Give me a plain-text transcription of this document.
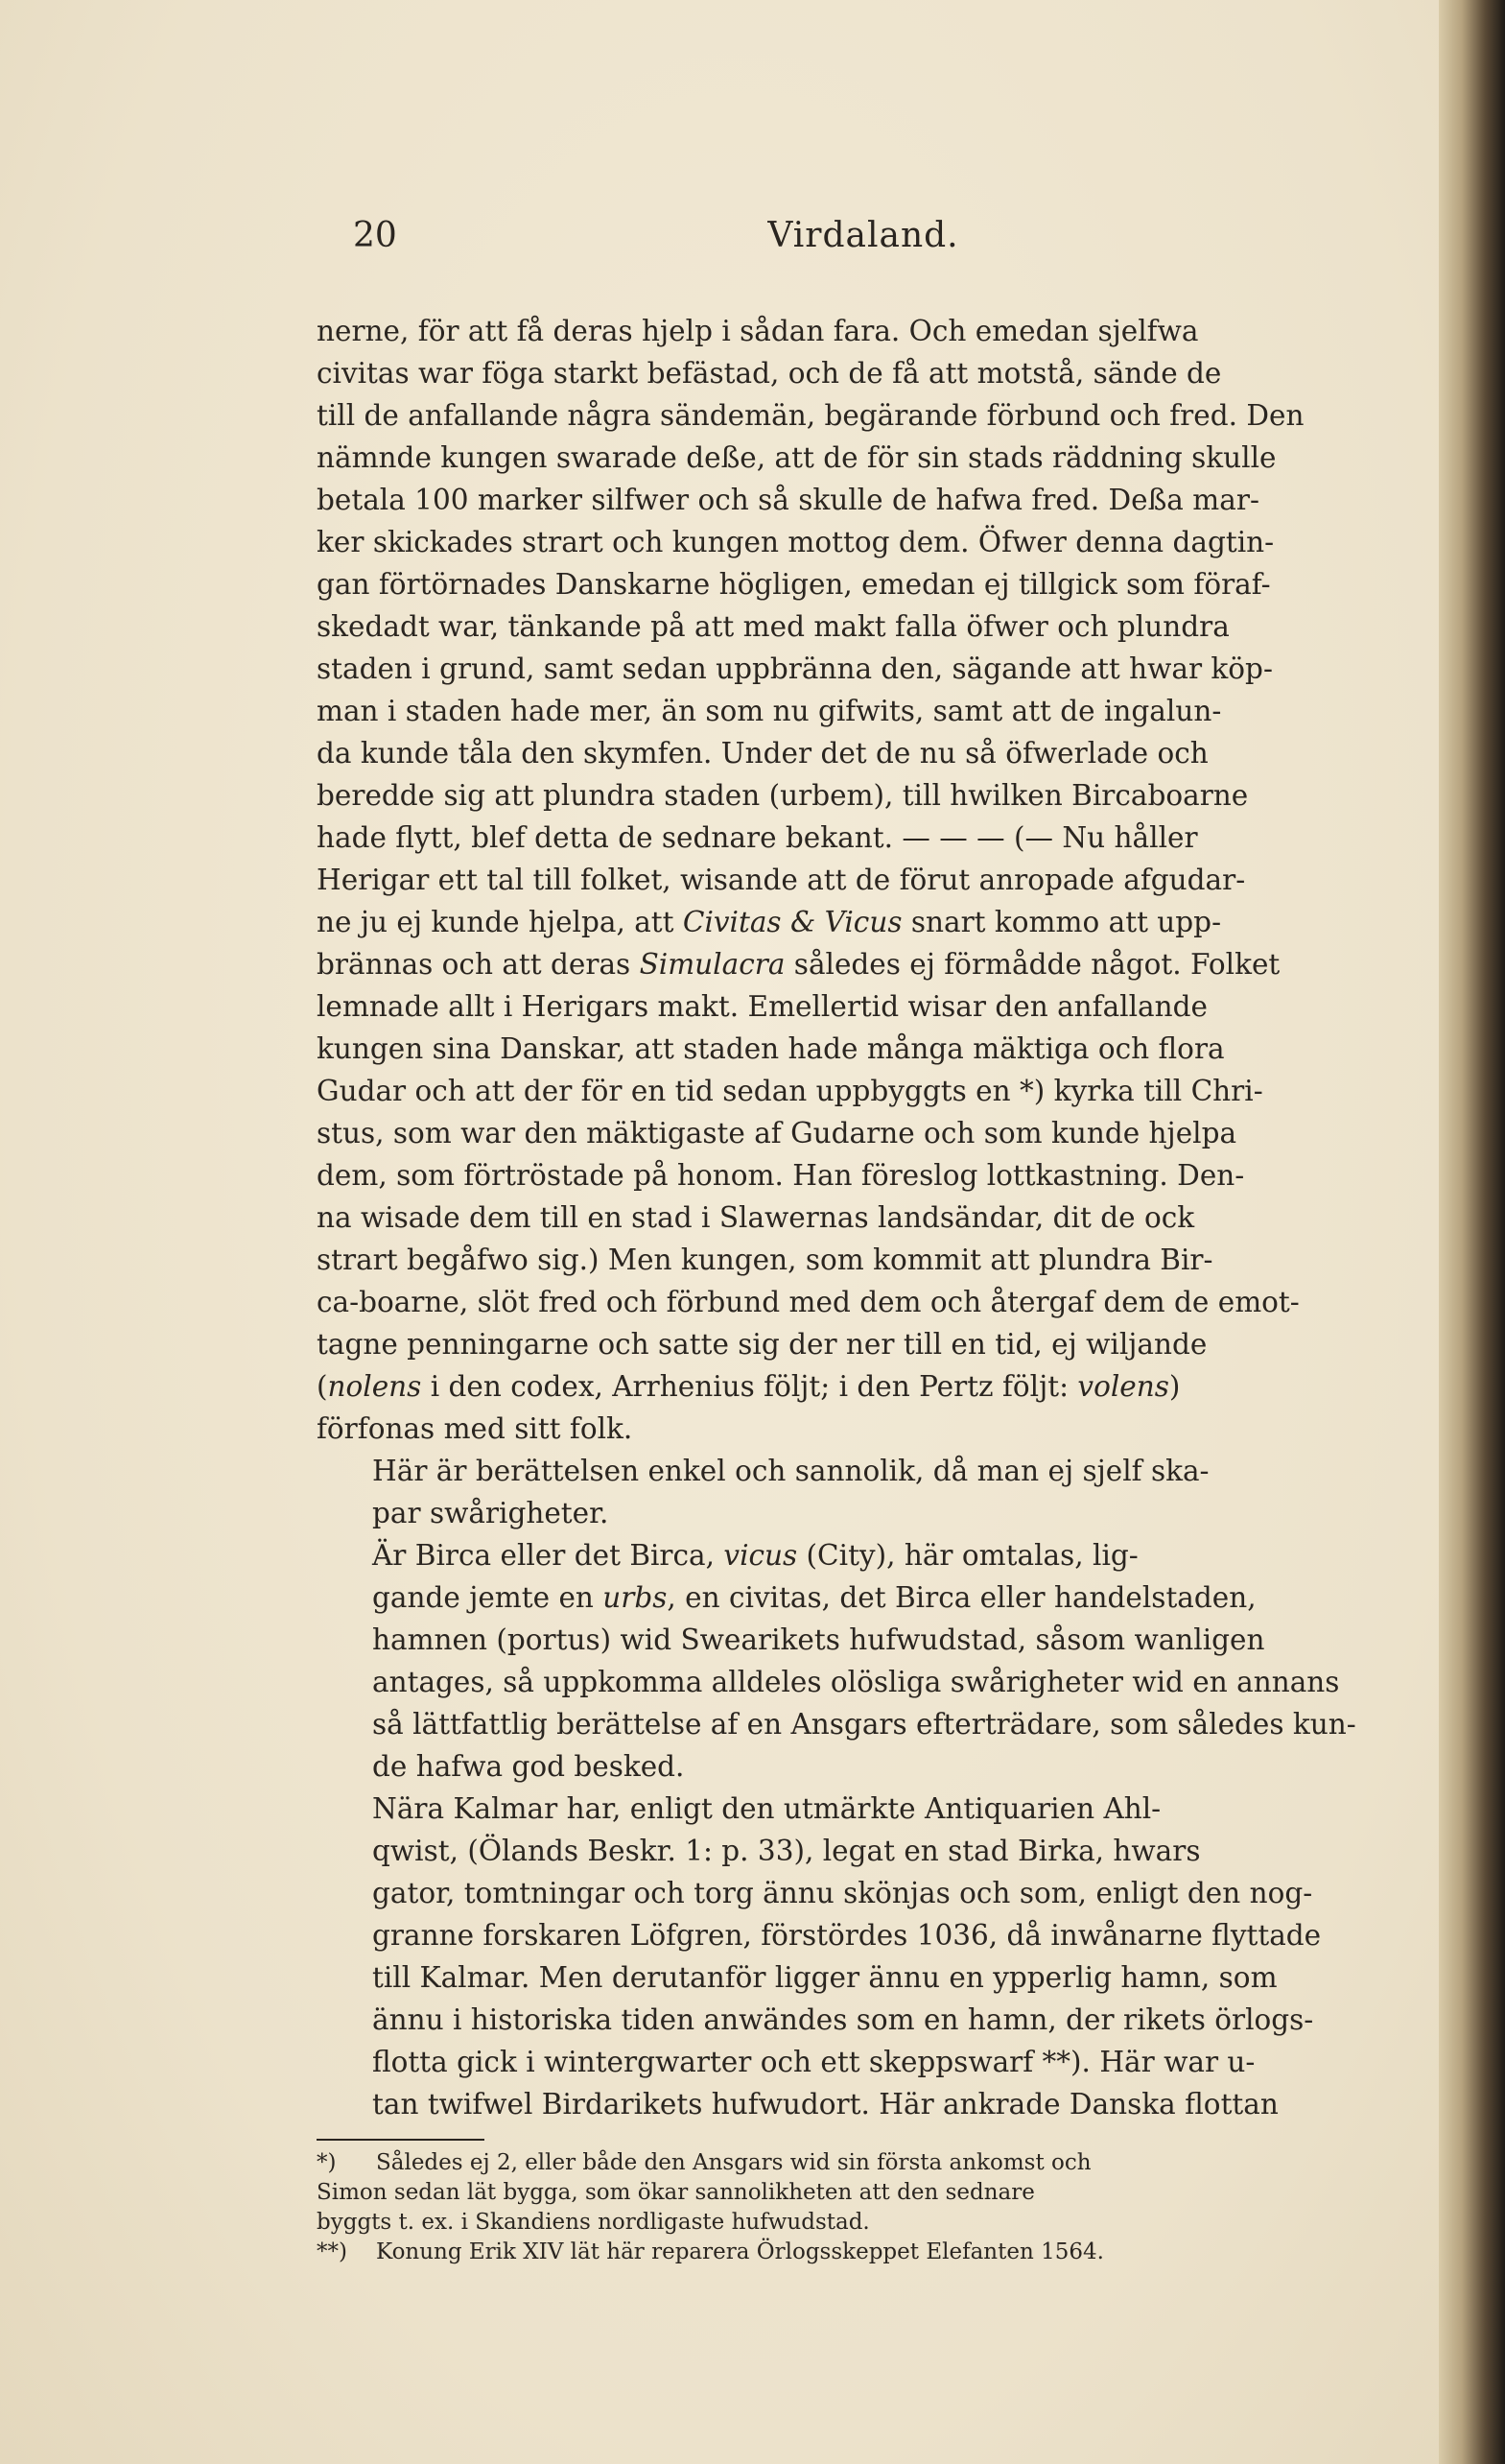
20	Virdaland.

nerne, för att få deras hjelp i sådan fara. Och emedan sjelfwa
civitas war föga starkt befästad, och de få att motstå, sände de
till de anfallande några sändemän, begärande förbund och fred. Den
nämnde kungen swarade deße, att de för sin stads räddning skulle
betala 100 marker silfwer och så skulle de hafwa fred. Deßa mar-
ker skickades strart och kungen mottog dem. Öfwer denna dagtin-
gan förtörnades Danskarne högligen, emedan ej tillgick som föraf-
skedadt war, tänkande på att med makt falla öfwer och plundra
staden i grund, samt sedan uppbränna den, sägande att hwar köp-
man i staden hade mer, än som nu gifwits, samt att de ingalun-
da kunde tåla den skymfen. Under det de nu så öfwerlade och
beredde sig att plundra staden (urbem), till hwilken Bircaboarne
hade flytt, blef detta de sednare bekant. — — — (— Nu håller
Herigar ett tal till folket, wisande att de förut anropade afgudar-
ne ju ej kunde hjelpa, att Civitas & Vicus snart kommo att upp-
brännas och att deras Simulacra således ej förmådde något. Folket
lemnade allt i Herigars makt. Emellertid wisar den anfallande
kungen sina Danskar, att staden hade många mäktiga och flora
Gudar och att der för en tid sedan uppbyggts en *) kyrka till Chri-
stus, som war den mäktigaste af Gudarne och som kunde hjelpa
dem, som förtröstade på honom. Han föreslog lottkastning. Den-
na wisade dem till en stad i Slawernas landsändar, dit de ock
strart begåfwo sig.) Men kungen, som kommit att plundra Bir-
ca-boarne, slöt fred och förbund med dem och återgaf dem de emot-
tagne penningarne och satte sig der ner till en tid, ej wiljande
(nolens i den codex, Arrhenius följt; i den Pertz följt: volens)
förfonas med sitt folk.

Här är berättelsen enkel och sannolik, då man ej sjelf ska-
par swårigheter.

Är Birca eller det Birca, vicus (City), här omtalas, lig-
gande jemte en urbs, en civitas, det Birca eller handelstaden,
hamnen (portus) wid Swearikets hufwudstad, såsom wanligen
antages, så uppkomma alldeles olösliga swårigheter wid en annans
så lättfattlig berättelse af en Ansgars efterträdare, som således kun-
de hafwa god besked.

Nära Kalmar har, enligt den utmärkte Antiquarien Ahl-
qwist, (Ölands Beskr. 1: p. 33), legat en stad Birka, hwars
gator, tomtningar och torg ännu skönjas och som, enligt den nog-
granne forskaren Löfgren, förstördes 1036, då inwånarne flyttade
till Kalmar. Men derutanför ligger ännu en ypperlig hamn, som
ännu i historiska tiden anwändes som en hamn, der rikets örlogs-
flotta gick i wintergwarter och ett skeppswarf **). Här war u-
tan twifwel Birdarikets hufwudort. Här ankrade Danska flottan

*) Således ej 2, eller både den Ansgars wid sin första ankomst och
Simon sedan lät bygga, som ökar sannolikheten att den sednare
byggts t. ex. i Skandiens nordligaste hufwudstad.
**) Konung Erik XIV lät här reparera Örlogsskeppet Elefanten 1564.
